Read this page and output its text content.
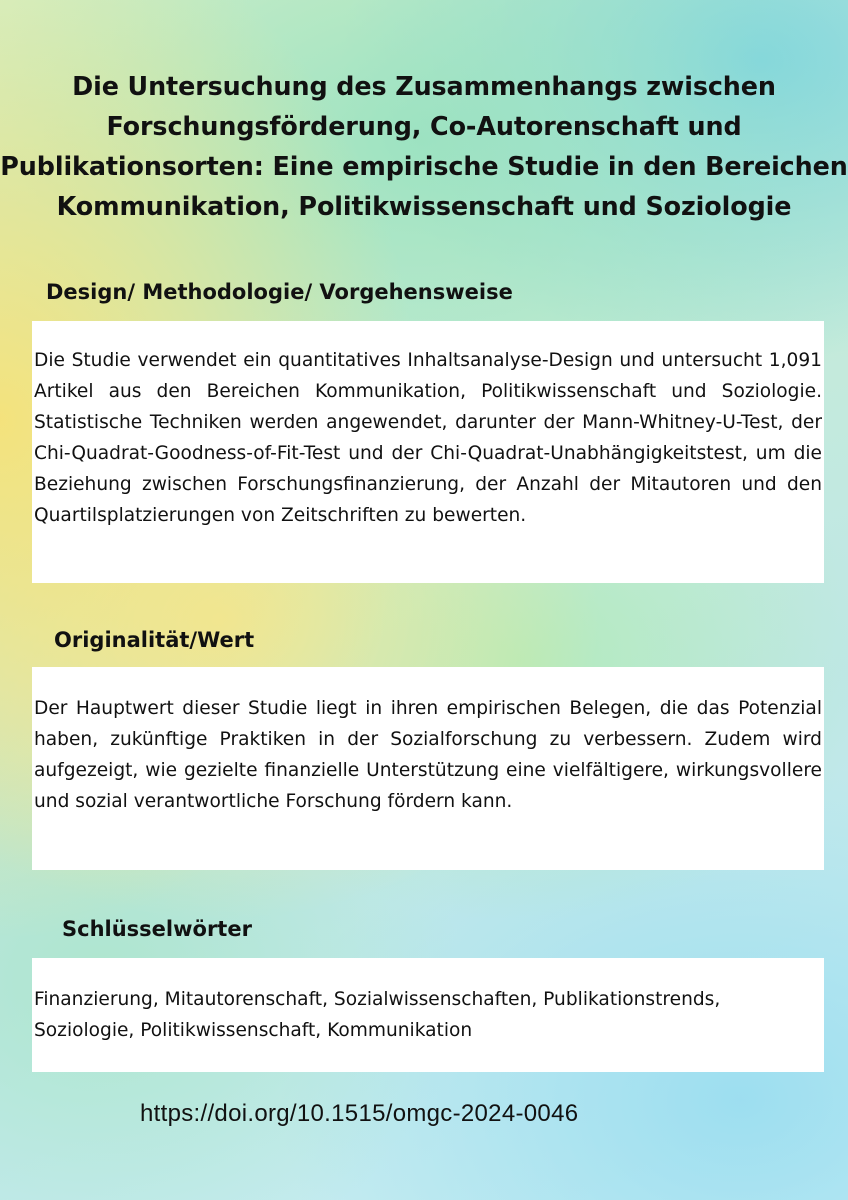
Die Untersuchung des Zusammenhangs zwischen Forschungsförderung, Co-Autorenschaft und Publikationsorten: Eine empirische Studie in den Bereichen Kommunikation, Politikwissenschaft und Soziologie
Design/ Methodologie/ Vorgehensweise

Die Studie verwendet ein quantitatives Inhaltsanalyse-Design und untersucht 1,091 Artikel aus den Bereichen Kommunikation, Politikwissenschaft und Soziologie. Statistische Techniken werden angewendet, darunter der Mann-Whitney-U-Test, der Chi-Quadrat-Goodness-of-Fit-Test und der Chi-Quadrat-Unabhängigkeitstest, um die Beziehung zwischen Forschungsfinanzierung, der Anzahl der Mitautoren und den Quartilsplatzierungen von Zeitschriften zu bewerten.

Originalität/Wert

Der Hauptwert dieser Studie liegt in ihren empirischen Belegen, die das Potenzial haben, zukünftige Praktiken in der Sozialforschung zu verbessern. Zudem wird aufgezeigt, wie gezielte finanzielle Unterstützung eine vielfältigere, wirkungsvollere und sozial verantwortliche Forschung fördern kann.

Schlüsselwörter

Finanzierung, Mitautorenschaft, Sozialwissenschaften, Publikationstrends, Soziologie, Politikwissenschaft, Kommunikation

https://doi.org/10.1515/omgc-2024-0046
